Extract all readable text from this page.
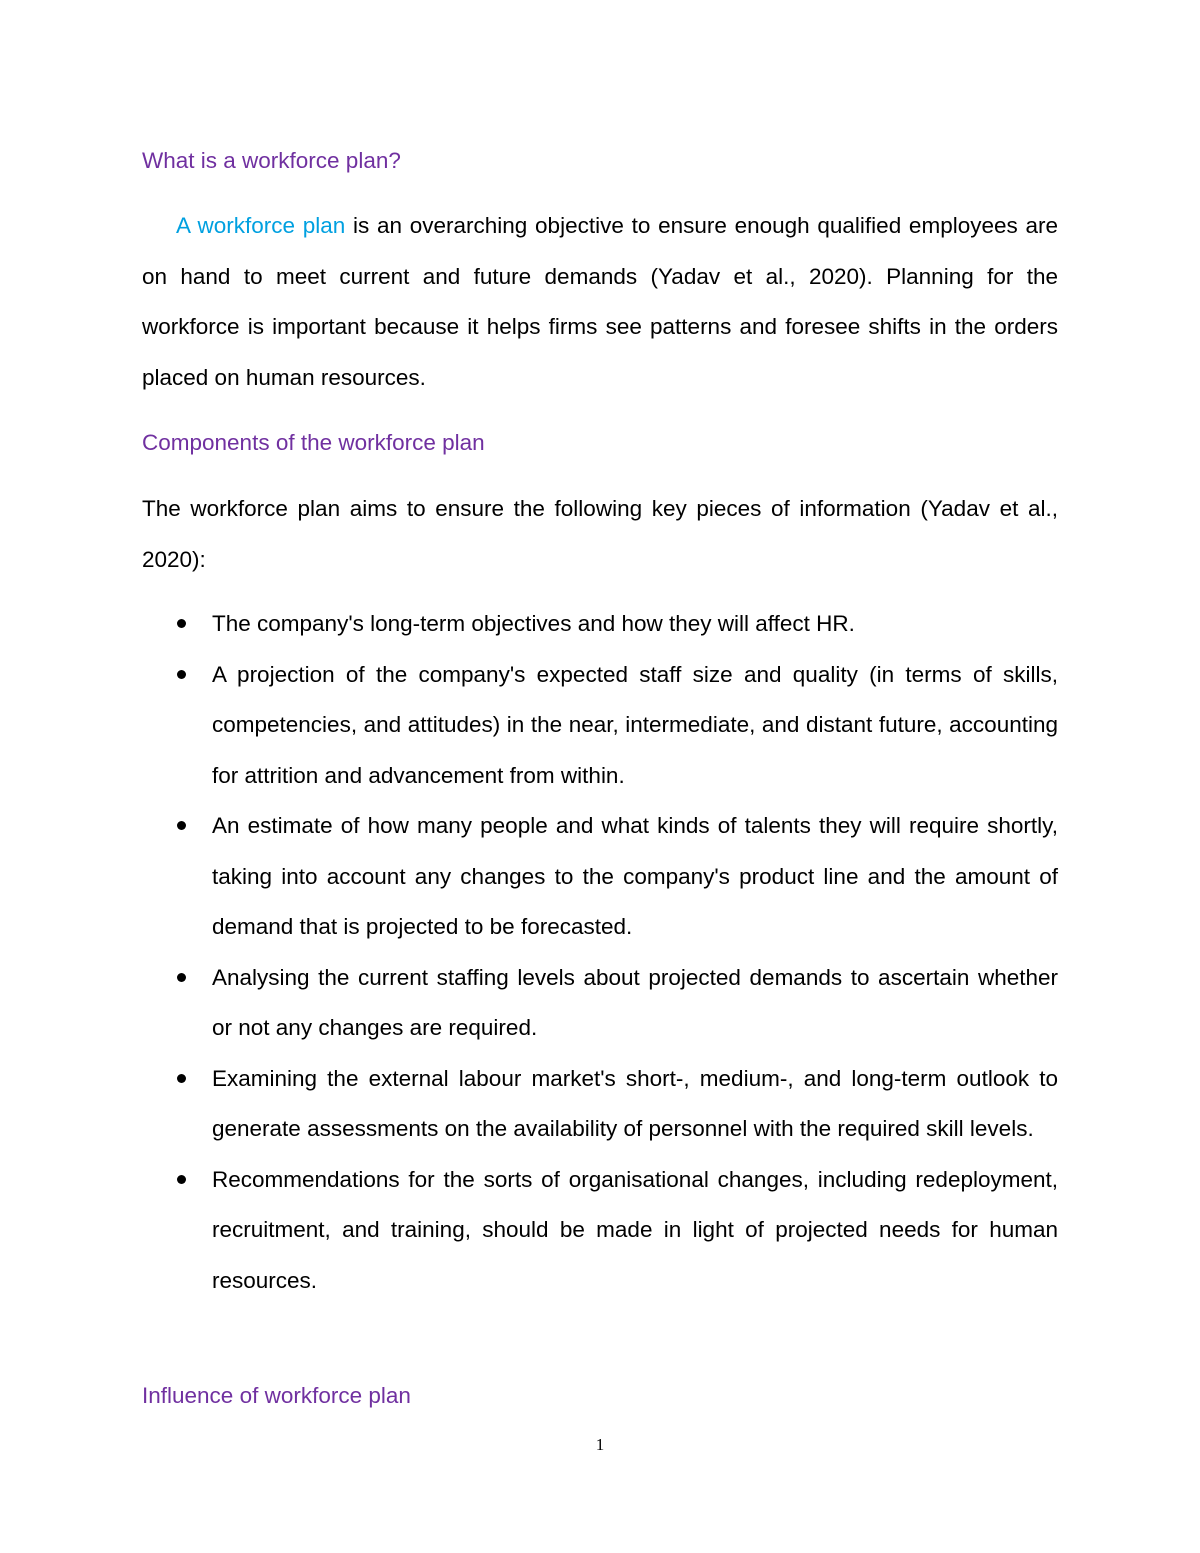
What is a workforce plan?

A workforce plan is an overarching objective to ensure enough qualified employees are on hand to meet current and future demands (Yadav et al., 2020). Planning for the workforce is important because it helps firms see patterns and foresee shifts in the orders placed on human resources.

Components of the workforce plan

The workforce plan aims to ensure the following key pieces of information (Yadav et al., 2020):

The company's long-term objectives and how they will affect HR.
A projection of the company's expected staff size and quality (in terms of skills, competencies, and attitudes) in the near, intermediate, and distant future, accounting for attrition and advancement from within.
An estimate of how many people and what kinds of talents they will require shortly, taking into account any changes to the company's product line and the amount of demand that is projected to be forecasted.
Analysing the current staffing levels about projected demands to ascertain whether or not any changes are required.
Examining the external labour market's short-, medium-, and long-term outlook to generate assessments on the availability of personnel with the required skill levels.
Recommendations for the sorts of organisational changes, including redeployment, recruitment, and training, should be made in light of projected needs for human resources.
Influence of workforce plan
1
